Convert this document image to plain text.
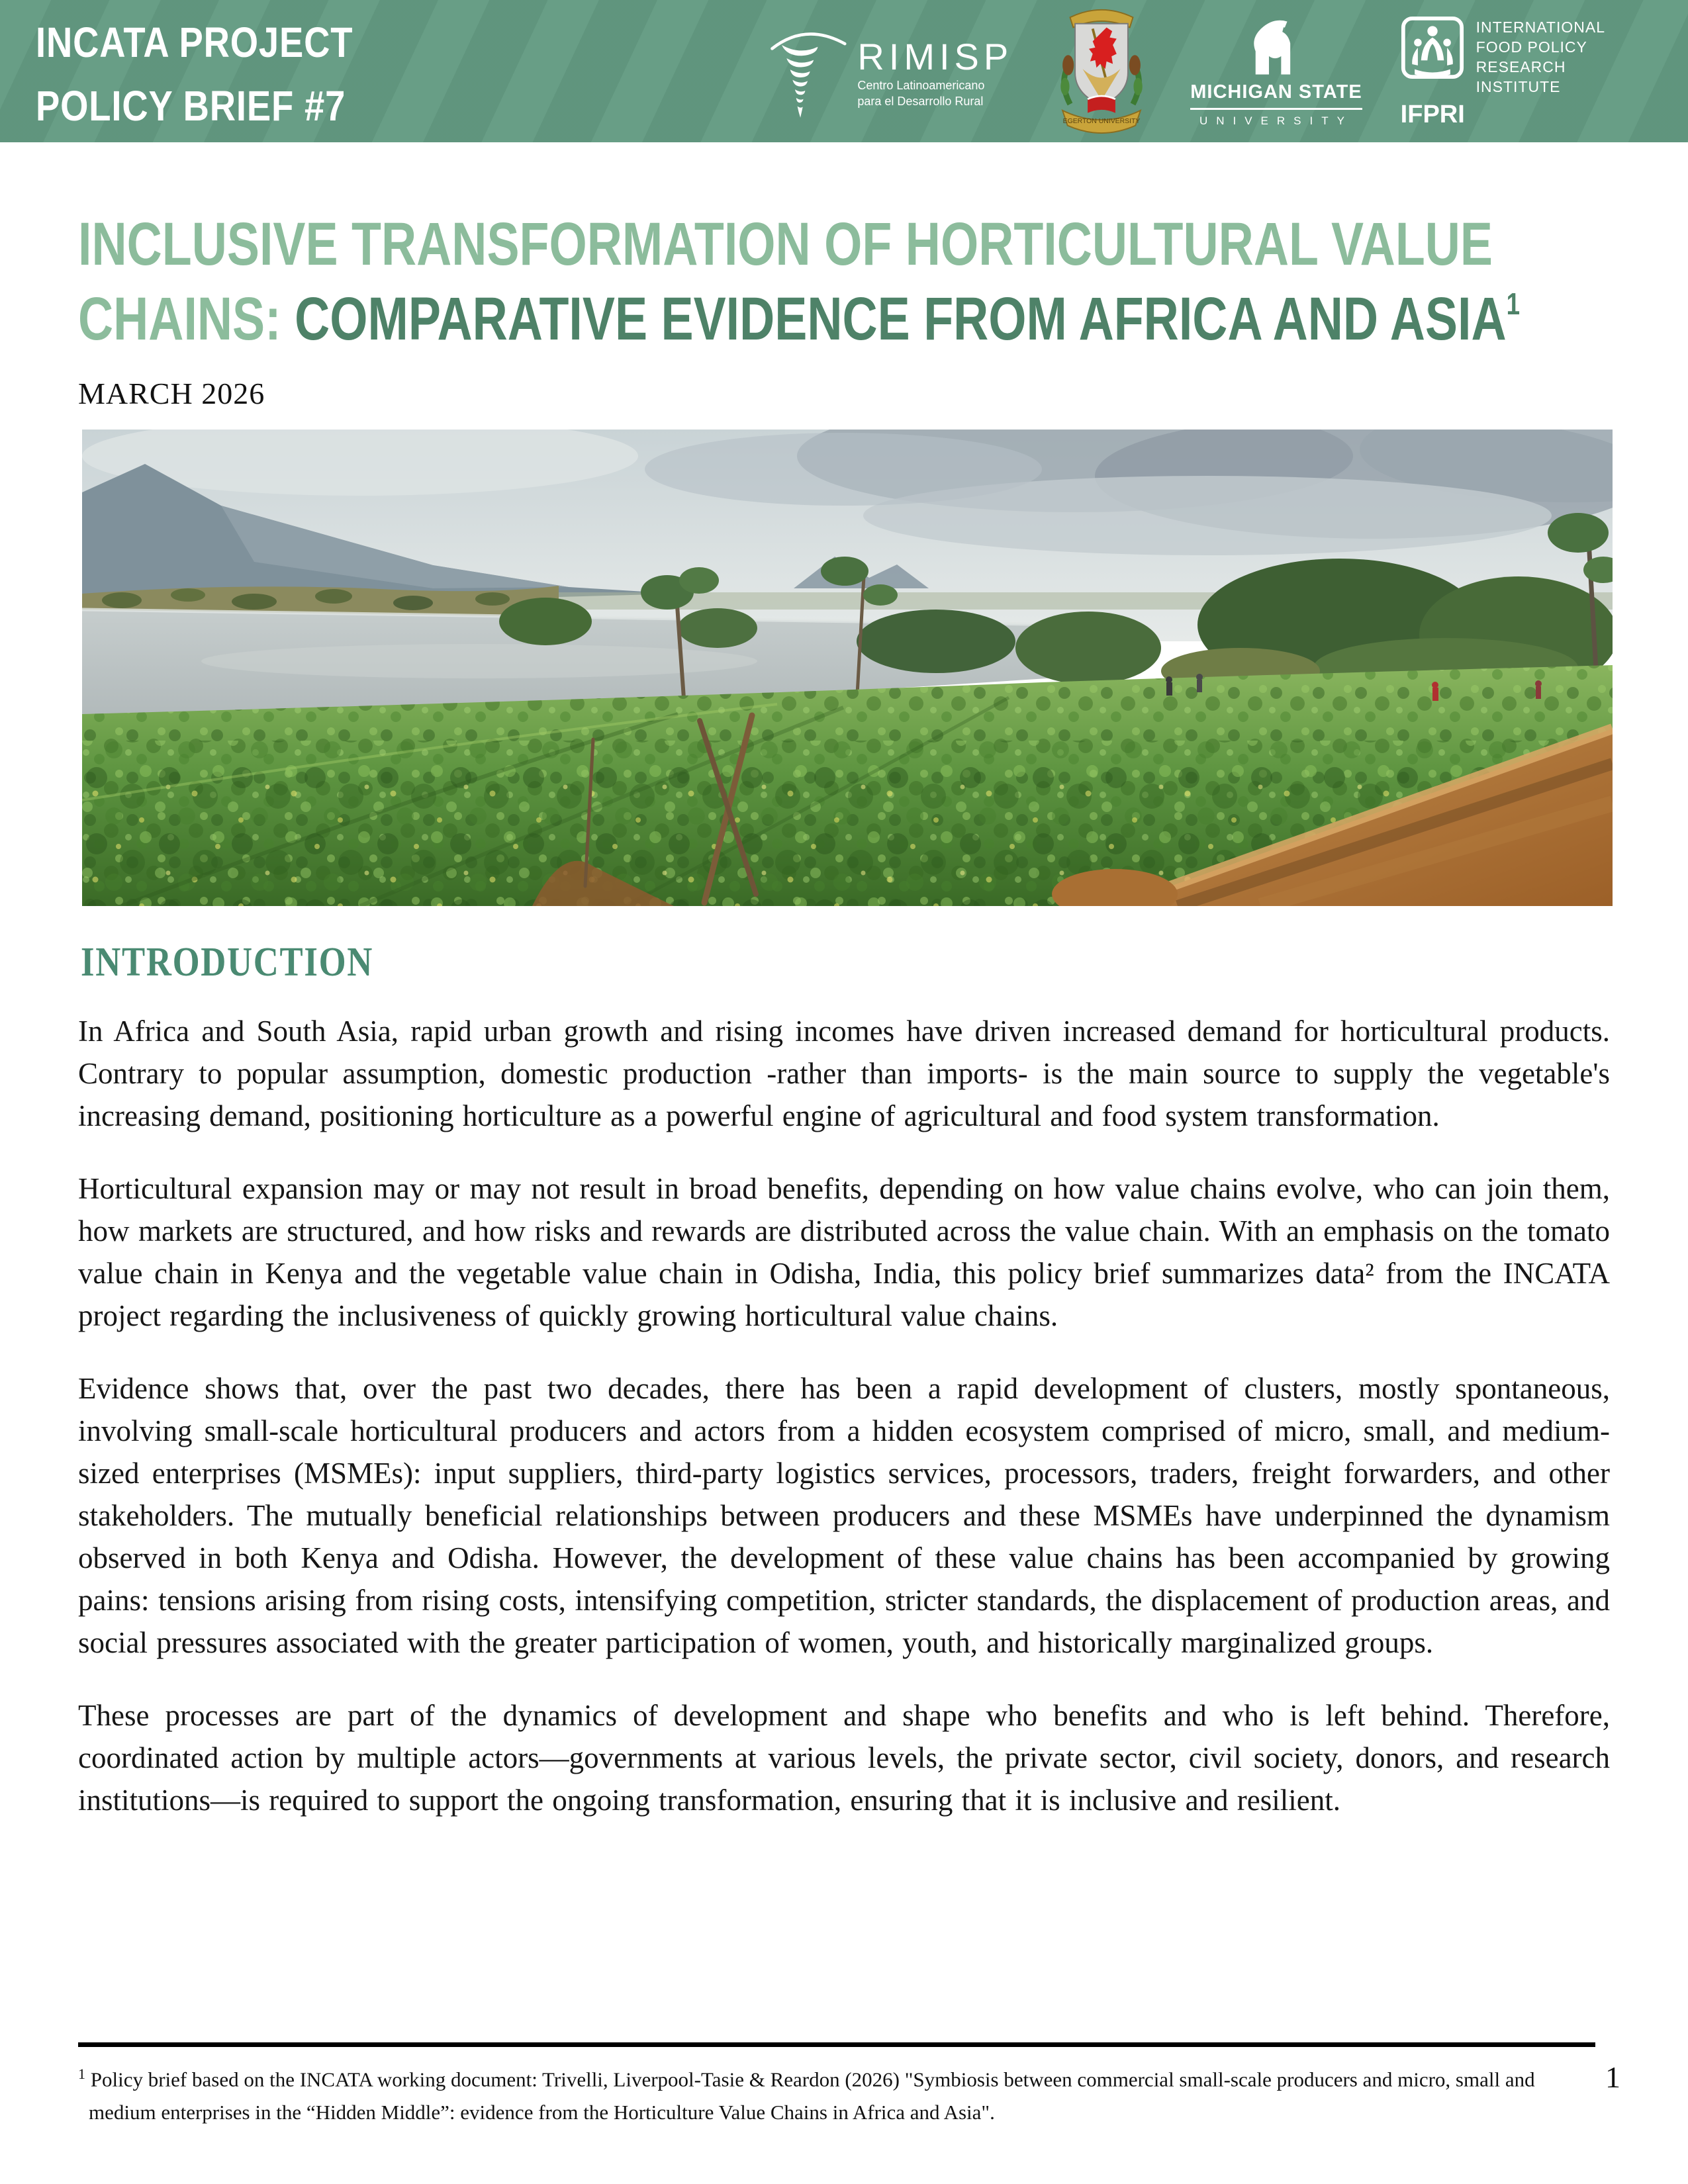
INCATA PROJECT
POLICY BRIEF #7
RIMISP
Centro Latinoamericano
para el Desarrollo Rural
EGERTON UNIVERSITY
MICHIGAN STATE
UNIVERSITY
INTERNATIONAL
FOOD POLICY
RESEARCH
INSTITUTE
IFPRI
INCLUSIVE TRANSFORMATION OF HORTICULTURAL VALUE
CHAINS: COMPARATIVE EVIDENCE FROM AFRICA AND ASIA$^1$
MARCH 2026
INTRODUCTION

In Africa and South Asia, rapid urban growth and rising incomes have driven increased demand for horticultural products. Contrary to popular assumption, domestic production -rather than imports- is the main source to supply the vegetable's increasing demand, positioning horticulture as a powerful engine of agricultural and food system transformation.

Horticultural expansion may or may not result in broad benefits, depending on how value chains evolve, who can join them, how markets are structured, and how risks and rewards are distributed across the value chain. With an emphasis on the tomato value chain in Kenya and the vegetable value chain in Odisha, India, this policy brief summarizes data² from the INCATA project regarding the inclusiveness of quickly growing horticultural value chains.

Evidence shows that, over the past two decades, there has been a rapid development of clusters, mostly spontaneous, involving small-scale horticultural producers and actors from a hidden ecosystem comprised of micro, small, and medium-sized enterprises (MSMEs): input suppliers, third-party logistics services, processors, traders, freight forwarders, and other stakeholders. The mutually beneficial relationships between producers and these MSMEs have underpinned the dynamism observed in both Kenya and Odisha. However, the development of these value chains has been accompanied by growing pains: tensions arising from rising costs, intensifying competition, stricter standards, the displacement of production areas, and social pressures associated with the greater participation of women, youth, and historically marginalized groups.

These processes are part of the dynamics of development and shape who benefits and who is left behind. Therefore, coordinated action by multiple actors—governments at various levels, the private sector, civil society, donors, and research institutions—is required to support the ongoing transformation, ensuring that it is inclusive and resilient.

$^1$ Policy brief based on the INCATA working document: Trivelli, Liverpool-Tasie & Reardon (2026) "Symbiosis between commercial small-scale producers and micro, small and medium enterprises in the “Hidden Middle”: evidence from the Horticulture Value Chains in Africa and Asia".
1
